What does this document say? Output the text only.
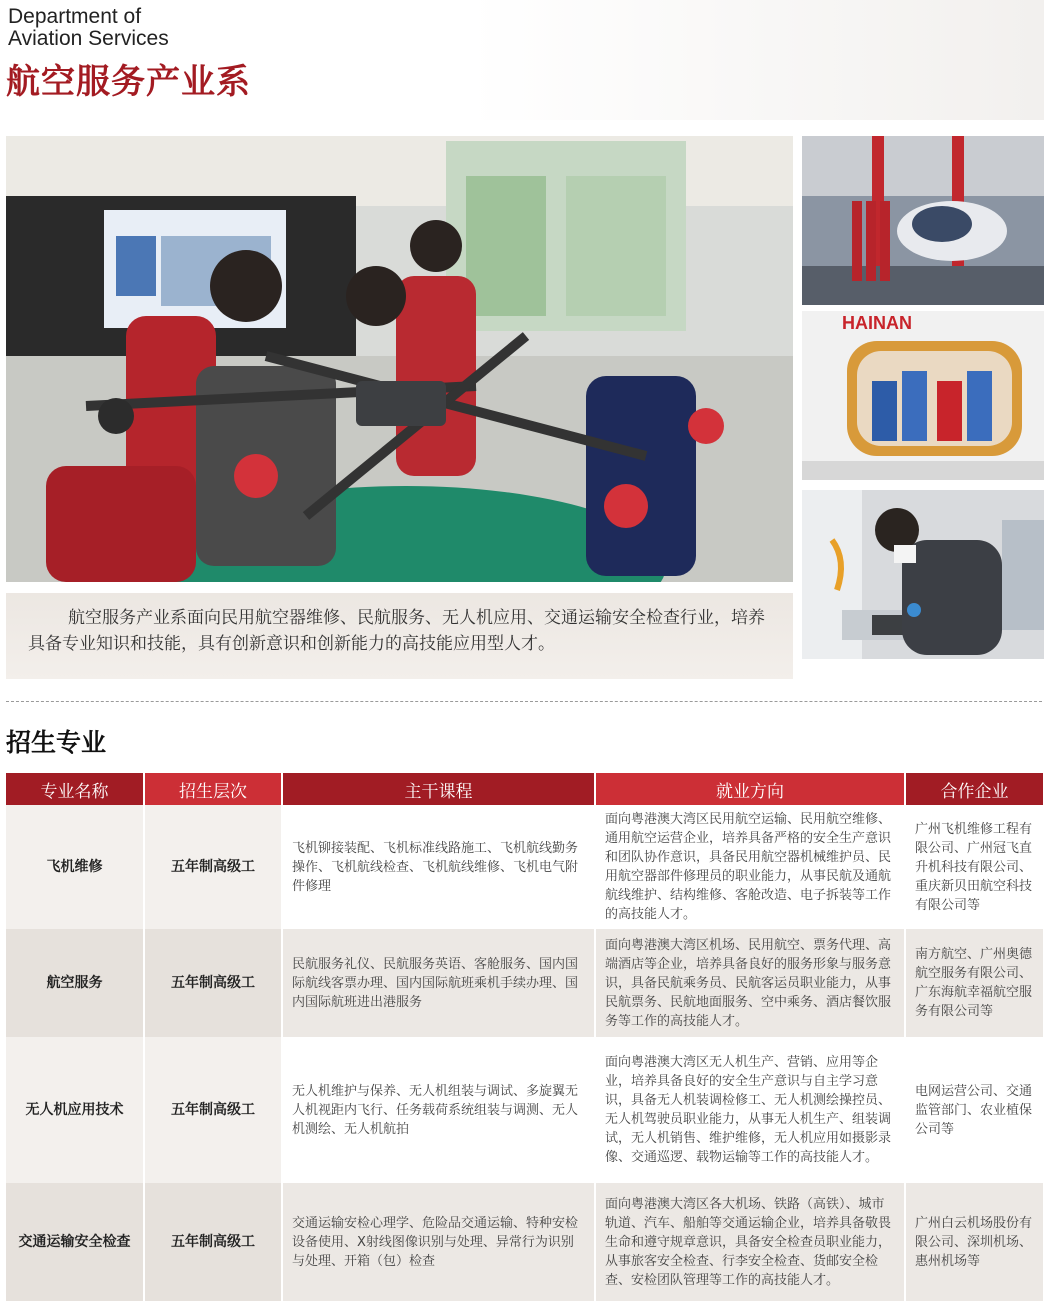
Department of
Aviation Services
航空服务产业系
HAINAN
航空服务产业系面向民用航空器维修、民航服务、无人机应用、交通运输安全检查行业，培养具备专业知识和技能，具有创新意识和创新能力的高技能应用型人才。
招生专业
专业名称	招生层次	主干课程	就业方向	合作企业
飞机维修	五年制高级工	飞机铆接装配、飞机标准线路施工、飞机航线勤务操作、飞机航线检查、飞机航线维修、飞机电气附件修理	面向粤港澳大湾区民用航空运输、民用航空维修、通用航空运营企业，培养具备严格的安全生产意识和团队协作意识，具备民用航空器机械维护员、民用航空器部件修理员的职业能力，从事民航及通航航线维护、结构维修、客舱改造、电子拆装等工作的高技能人才。	广州飞机维修工程有限公司、广州冠飞直升机科技有限公司、重庆新贝田航空科技有限公司等
航空服务	五年制高级工	民航服务礼仪、民航服务英语、客舱服务、国内国际航线客票办理、国内国际航班乘机手续办理、国内国际航班进出港服务	面向粤港澳大湾区机场、民用航空、票务代理、高端酒店等企业，培养具备良好的服务形象与服务意识，具备民航乘务员、民航客运员职业能力，从事民航票务、民航地面服务、空中乘务、酒店餐饮服务等工作的高技能人才。	南方航空、广州奥德航空服务有限公司、广东海航幸福航空服务有限公司等
无人机应用技术	五年制高级工	无人机维护与保养、无人机组装与调试、多旋翼无人机视距内飞行、任务载荷系统组装与调测、无人机测绘、无人机航拍	面向粤港澳大湾区无人机生产、营销、应用等企业，培养具备良好的安全生产意识与自主学习意识，具备无人机装调检修工、无人机测绘操控员、无人机驾驶员职业能力，从事无人机生产、组装调试，无人机销售、维护维修，无人机应用如摄影录像、交通巡逻、载物运输等工作的高技能人才。	电网运营公司、交通监管部门、农业植保公司等
交通运输安全检查	五年制高级工	交通运输安检心理学、危险品交通运输、特种安检设备使用、X射线图像识别与处理、异常行为识别与处理、开箱（包）检查	面向粤港澳大湾区各大机场、铁路（高铁）、城市轨道、汽车、船舶等交通运输企业，培养具备敬畏生命和遵守规章意识，具备安全检查员职业能力，从事旅客安全检查、行李安全检查、货邮安全检查、安检团队管理等工作的高技能人才。	广州白云机场股份有限公司、深圳机场、惠州机场等
